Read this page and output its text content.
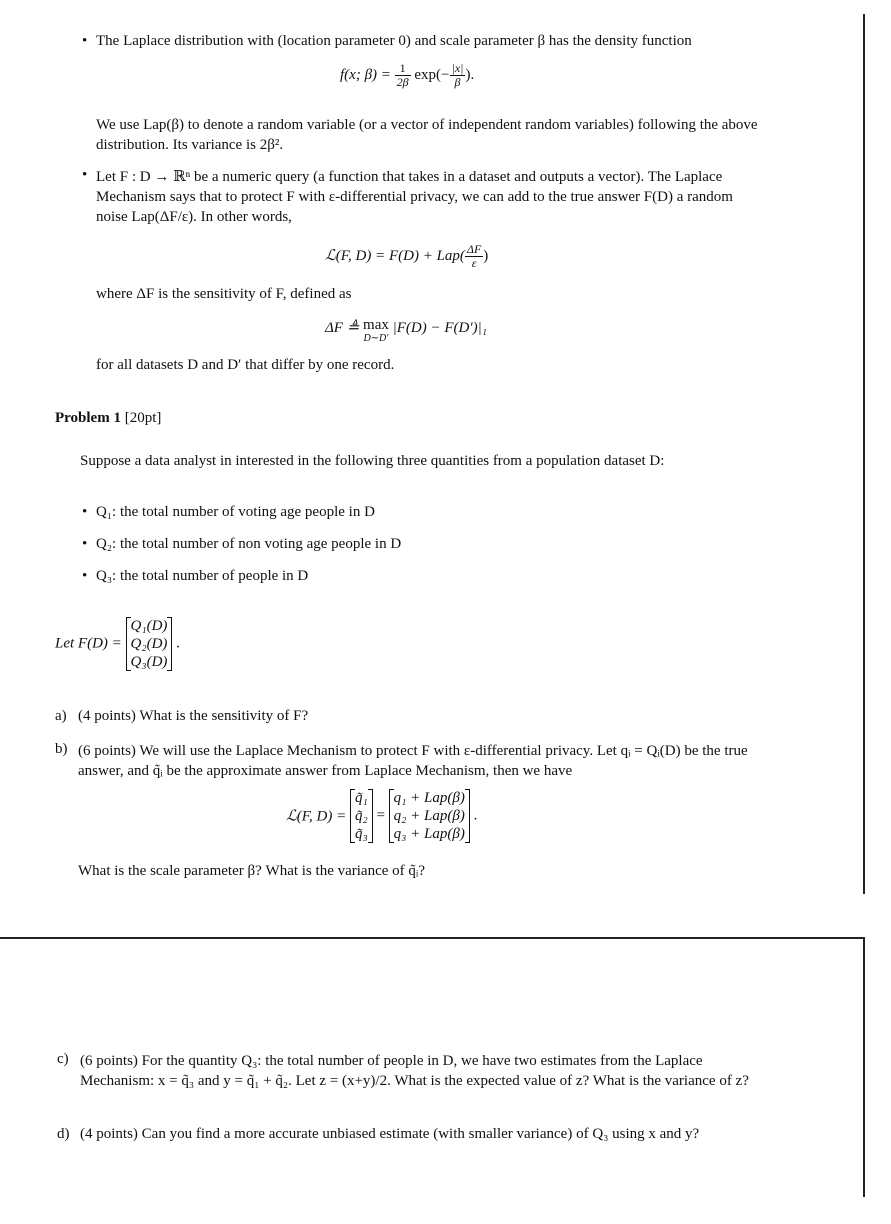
• The Laplace distribution with (location parameter 0) and scale parameter β has the density function
f(x; $\beta) = \frac{1}{2\beta} \exp(- \frac{|x|}{\beta}$ ).
We use Lap(β) to denote a random variable (or a vector of independent random variables) following the above distribution. Its variance is 2β².
• Let F : D → ℝⁿ be a numeric query (a function that takes in a dataset and outputs a vector). The Laplace Mechanism says that to protect F with ε-differential privacy, we can add to the true answer F(D) a random noise Lap(ΔF/ε). In other words,
ℒ(F, $D) = F(D) + Lap( \frac{\Delta F}{\varepsilon}$ )
where ΔF is the sensitivity of F, defined as
ΔF ≜ max
D∼D′
|F(D) − F(D′)|₁
for all datasets D and D′ that differ by one record.
Problem 1 [20pt]
Suppose a data analyst in interested in the following three quantities from a population dataset D:
• Q₁: the total number of voting age people in D
• Q₂: the total number of non voting age people in D
• Q₃: the total number of people in D
Let F(D) =
Q₁(D)
Q₂(D)
Q₃(D)
.
a) (4 points) What is the sensitivity of F?
b) (6 points) We will use the Laplace Mechanism to protect F with ε-differential privacy. Let qᵢ = Qᵢ(D) be the true answer, and q̃ᵢ be the approximate answer from Laplace Mechanism, then we have
ℒ(F, D) =
q̃₁
q̃₂
q̃₃
=
q₁ + Lap(β)
q₂ + Lap(β)
q₃ + Lap(β)
.
What is the scale parameter β? What is the variance of q̃ᵢ?
c) (6 points) For the quantity Q₃: the total number of people in D, we have two estimates from the Laplace Mechanism: x = q̃₃ and y = q̃₁ + q̃₂. Let z = (x+y)/2. What is the expected value of z? What is the variance of z?
d) (4 points) Can you find a more accurate unbiased estimate (with smaller variance) of Q₃ using x and y?
